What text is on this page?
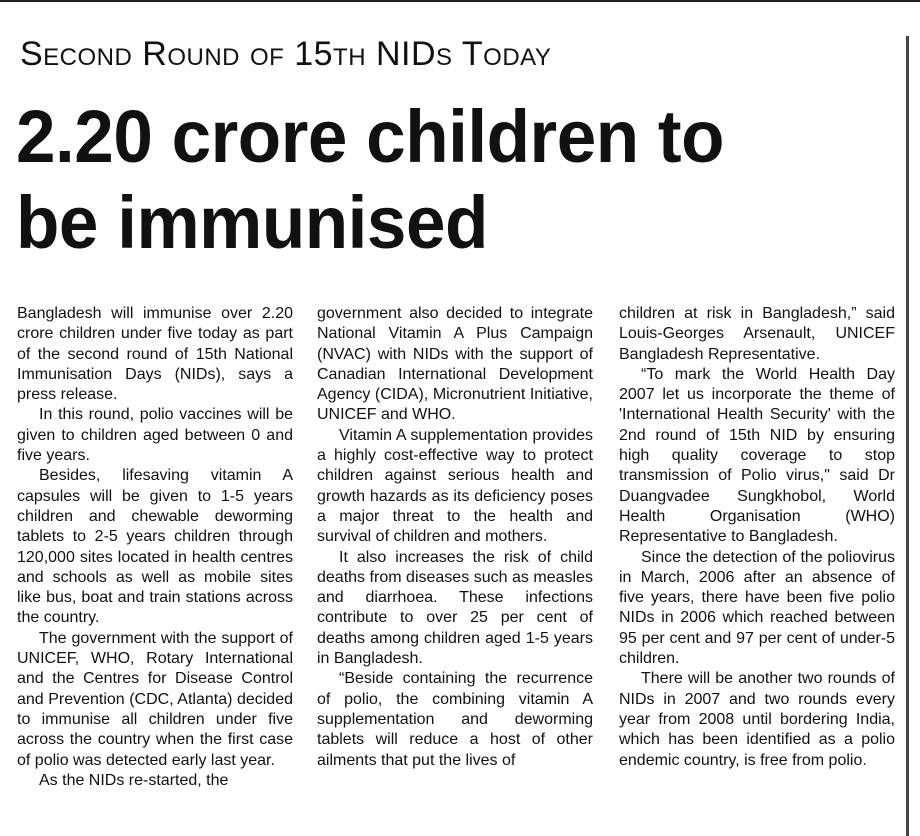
Second Round of 15th NIDs Today
2.20 crore children to
be immunised

Bangladesh will immunise over 2.20 crore children under five today as part of the second round of 15th National Immunisation Days (NIDs), says a press release.

In this round, polio vaccines will be given to children aged between 0 and five years.

Besides, lifesaving vitamin A capsules will be given to 1-5 years children and chewable deworming tablets to 2-5 years children through 120,000 sites located in health centres and schools as well as mobile sites like bus, boat and train stations across the country.

The government with the support of UNICEF, WHO, Rotary International and the Centres for Disease Control and Prevention (CDC, Atlanta) decided to immunise all children under five across the country when the first case of polio was detected early last year.

As the NIDs re-started, the

government also decided to integrate National Vitamin A Plus Campaign (NVAC) with NIDs with the support of Canadian International Development Agency (CIDA), Micronutrient Initiative, UNICEF and WHO.

Vitamin A supplementation provides a highly cost-effective way to protect children against serious health and growth hazards as its deficiency poses a major threat to the health and survival of children and mothers.

It also increases the risk of child deaths from diseases such as measles and diarrhoea. These infections contribute to over 25 per cent of deaths among children aged 1-5 years in Bangladesh.

“Beside containing the recurrence of polio, the combining vitamin A supplementation and deworming tablets will reduce a host of other ailments that put the lives of

children at risk in Bangladesh,” said Louis-Georges Arsenault, UNICEF Bangladesh Representative.

“To mark the World Health Day 2007 let us incorporate the theme of 'International Health Security' with the 2nd round of 15th NID by ensuring high quality coverage to stop transmission of Polio virus," said Dr Duangvadee Sungkhobol, World Health Organisation (WHO) Representative to Bangladesh.

Since the detection of the poliovirus in March, 2006 after an absence of five years, there have been five polio NIDs in 2006 which reached between 95 per cent and 97 per cent of under-5 children.

There will be another two rounds of NIDs in 2007 and two rounds every year from 2008 until bordering India, which has been identified as a polio endemic country, is free from polio.
